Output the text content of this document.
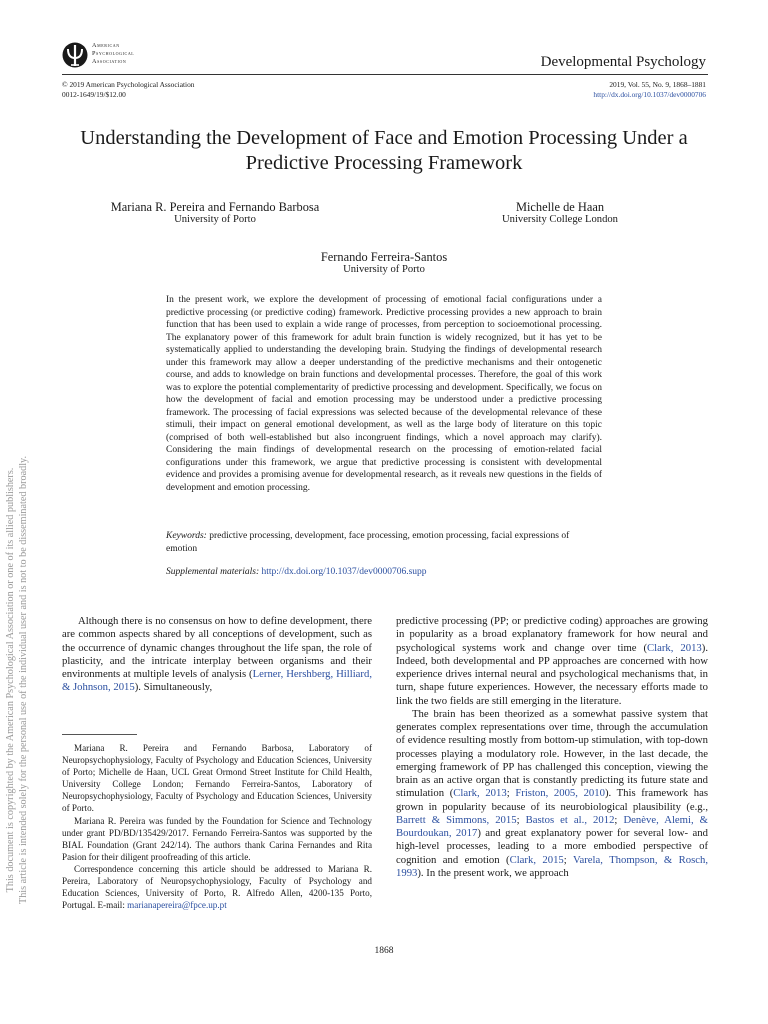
American
Psychological
Association	Developmental Psychology
© 2019 American Psychological Association
0012-1649/19/$12.00
2019, Vol. 55, No. 9, 1868–1881
http://dx.doi.org/10.1037/dev0000706
Understanding the Development of Face and Emotion Processing Under a
Predictive Processing Framework
Mariana R. Pereira and Fernando Barbosa
University of Porto
Michelle de Haan
University College London
Fernando Ferreira-Santos
University of Porto
In the present work, we explore the development of processing of emotional facial configurations under a predictive processing (or predictive coding) framework. Predictive processing provides a new approach to brain function that has been used to explain a wide range of processes, from perception to socioemotional processing. The explanatory power of this framework for adult brain function is widely recognized, but it has yet to be systematically applied to understanding the developing brain. Studying the findings of developmental research under this framework may allow a deeper understanding of the predictive mechanisms and their ontogenetic course, and adds to knowledge on brain functions and developmental processes. Therefore, the goal of this work was to explore the potential complementarity of predictive processing and development. Specifically, we focus on how the development of facial and emotion processing may be understood under a predictive processing framework. The processing of facial expressions was selected because of the developmental relevance of these stimuli, their impact on general emotional development, as well as the large body of literature on this topic (comprised of both well-established but also incongruent findings, which a novel approach may clarify). Considering the main findings of developmental research on the processing of emotion-related facial configurations under this framework, we argue that predictive processing is consistent with developmental evidence and provides a promising avenue for developmental research, as it reveals new questions in the fields of development and emotion processing.
Keywords: predictive processing, development, face processing, emotion processing, facial expressions of emotion
Supplemental materials: http://dx.doi.org/10.1037/dev0000706.supp
This document is copyrighted by the American Psychological Association or one of its allied publishers. This article is intended solely for the personal use of the individual user and is not to be disseminated broadly.	Although there is no consensus on how to define development, there are common aspects shared by all conceptions of development, such as the occurrence of dynamic changes throughout the life span, the role of plasticity, and the intricate interplay between organisms and their environments at multiple levels of analysis (Lerner, Hershberg, Hilliard, & Johnson, 2015). Simultaneously,

Mariana R. Pereira and Fernando Barbosa, Laboratory of Neuropsychophysiology, Faculty of Psychology and Education Sciences, University of Porto; Michelle de Haan, UCL Great Ormond Street Institute for Child Health, University College London; Fernando Ferreira-Santos, Laboratory of Neuropsychophysiology, Faculty of Psychology and Education Sciences, University of Porto.

Mariana R. Pereira was funded by the Foundation for Science and Technology under grant PD/BD/135429/2017. Fernando Ferreira-Santos was supported by the BIAL Foundation (Grant 242/14). The authors thank Carina Fernandes and Rita Pasion for their diligent proofreading of this article.

Correspondence concerning this article should be addressed to Mariana R. Pereira, Laboratory of Neuropsychophysiology, Faculty of Psychology and Education Sciences, University of Porto, R. Alfredo Allen, 4200-135 Porto, Portugal. E-mail: marianapereira@fpce.up.pt

predictive processing (PP; or predictive coding) approaches are growing in popularity as a broad explanatory framework for how neural and psychological systems work and change over time (Clark, 2013). Indeed, both developmental and PP approaches are concerned with how experience drives internal neural and psychological mechanisms that, in turn, shape future experiences. However, the necessary efforts made to link the two fields are still emerging in the literature.

The brain has been theorized as a somewhat passive system that generates complex representations over time, through the accumulation of evidence resulting mostly from bottom-up stimulation, with top-down processes playing a modulatory role. However, in the last decade, the emerging framework of PP has challenged this conception, viewing the brain as an active organ that is constantly predicting its future state and stimulation (Clark, 2013; Friston, 2005, 2010). This framework has grown in popularity because of its neurobiological plausibility (e.g., Barrett & Simmons, 2015; Bastos et al., 2012; Denève, Alemi, & Bourdoukan, 2017) and great explanatory power for several low- and high-level processes, leading to a more embodied perspective of cognition and emotion (Clark, 2015; Varela, Thompson, & Rosch, 1993). In the present work, we approach

1868
